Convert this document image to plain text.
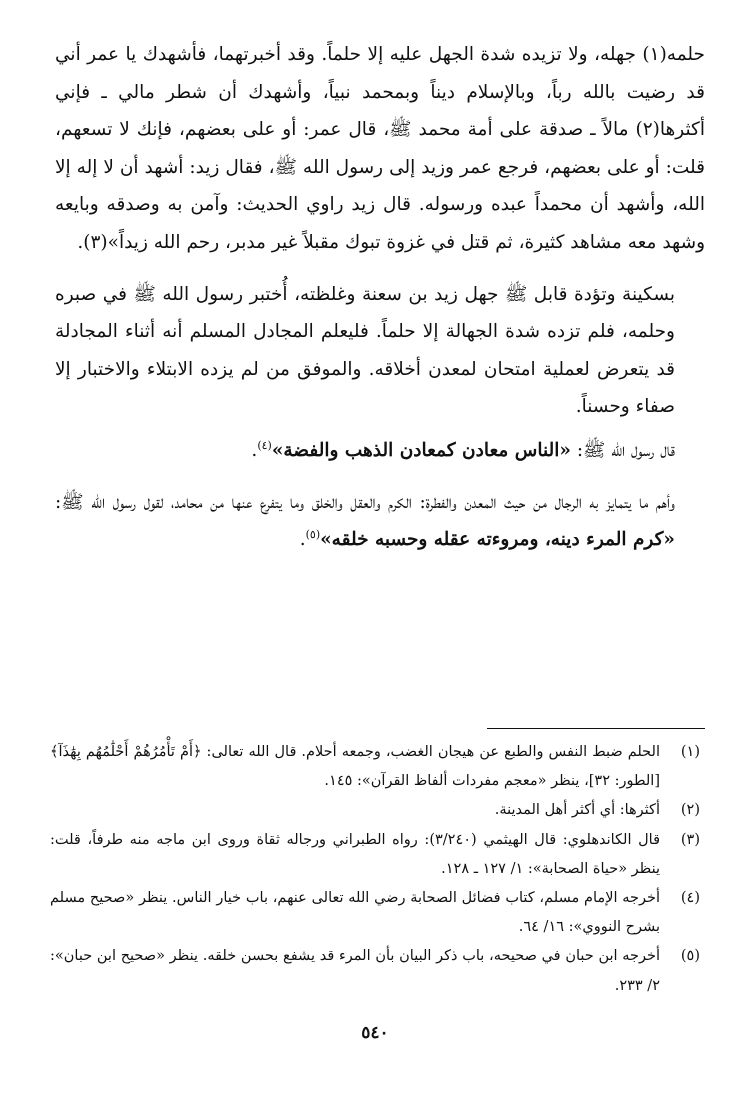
حلمه(١) جهله، ولا تزيده شدة الجهل عليه إلا حلماً. وقد أخبرتهما، فأشهدك يا عمر أني قد رضيت بالله رباً، وبالإسلام ديناً وبمحمد نبياً، وأشهدك أن شطر مالي ـ فإني أكثرها(٢) مالاً ـ صدقة على أمة محمد ﷺ، قال عمر: أو على بعضهم، فإنك لا تسعهم، قلت: أو على بعضهم، فرجع عمر وزيد إلى رسول الله ﷺ، فقال زيد: أشهد أن لا إله إلا الله، وأشهد أن محمداً عبده ورسوله. قال زيد راوي الحديث: وآمن به وصدقه وبايعه وشهد معه مشاهد كثيرة، ثم قتل في غزوة تبوك مقبلاً غير مدبر، رحم الله زيداً»(٣).

بسكينة وتؤدة قابل ﷺ جهل زيد بن سعنة وغلظته، أُختبر رسول الله ﷺ في صبره وحلمه، فلم تزده شدة الجهالة إلا حلماً. فليعلم المجادل المسلم أنه أثناء المجادلة قد يتعرض لعملية امتحان لمعدن أخلاقه. والموفق من لم يزده الابتلاء والاختبار إلا صفاء وحسناً.

قال رسول الله ﷺ: «الناس معادن كمعادن الذهب والفضة»$^{(٤)}$.

وأهم ما يتمايز به الرجال من حيث المعدن والفطرة: الكرم والعقل والخلق وما يتفرع عنها من محامد، لقول رسول الله ﷺ: «كرم المرء دينه، ومروءته عقله وحسبه خلقه»$^{(٥)}$.

(١)
الحلم ضبط النفس والطبع عن هيجان الغضب، وجمعه أحلام. قال الله تعالى: ﴿أَمْ تَأْمُرُهُمْ أَحْلَٰمُهُم بِهَٰذَآ﴾ [الطور: ٣٢]، ينظر «معجم مفردات ألفاظ القرآن»: ١٤٥.
(٢)
أكثرها: أي أكثر أهل المدينة.
(٣)
قال الكاندهلوي: قال الهيثمي (٣/٢٤٠): رواه الطبراني ورجاله ثقاة وروى ابن ماجه منه طرفاً، قلت: ينظر «حياة الصحابة»: ١/ ١٢٧ ـ ١٢٨.
(٤)
أخرجه الإمام مسلم، كتاب فضائل الصحابة رضي الله تعالى عنهم، باب خيار الناس. ينظر «صحيح مسلم بشرح النووي»: ١٦/ ٦٤.
(٥)
أخرجه ابن حبان في صحيحه، باب ذكر البيان بأن المرء قد يشفع بحسن خلقه. ينظر «صحيح ابن حبان»: ٢/ ٢٣٣.
٥٤٠
